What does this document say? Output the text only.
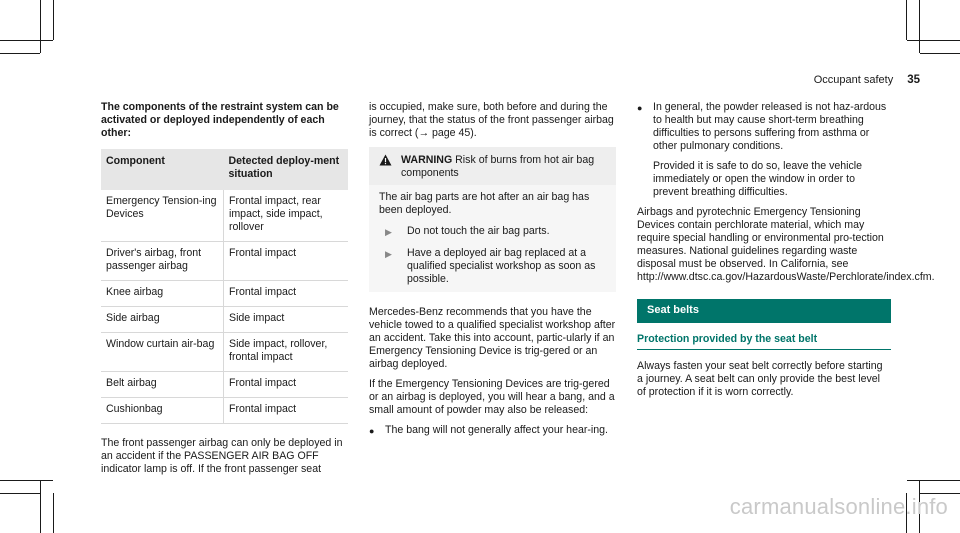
Occupant safety 35

The components of the restraint system can be activated or deployed independently of each other:

Component	Detected deploy-ment situation
Emergency Tension-ing Devices	Frontal impact, rear impact, side impact, rollover
Driver's airbag, front passenger airbag	Frontal impact
Knee airbag	Frontal impact
Side airbag	Side impact
Window curtain air-bag	Side impact, rollover, frontal impact
Belt airbag	Frontal impact
Cushionbag	Frontal impact

The front passenger airbag can only be deployed in an accident if the PASSENGER AIR BAG OFF indicator lamp is off. If the front passenger seat

is occupied, make sure, both before and during the journey, that the status of the front passenger airbag is correct (→ page 45).

WARNING Risk of burns from hot air bag components

The air bag parts are hot after an air bag has been deployed.

▶	Do not touch the air bag parts.
▶	Have a deployed air bag replaced at a qualified specialist workshop as soon as possible.

Mercedes-Benz recommends that you have the vehicle towed to a qualified specialist workshop after an accident. Take this into account, partic-ularly if an Emergency Tensioning Device is trig-gered or an airbag deployed.

If the Emergency Tensioning Devices are trig-gered or an airbag is deployed, you will hear a bang, and a small amount of powder may also be released:

● The bang will not generally affect your hear-ing.
● In general, the powder released is not haz-ardous to health but may cause short-term breathing difficulties to persons suffering from asthma or other pulmonary conditions.

Provided it is safe to do so, leave the vehicle immediately or open the window in order to prevent breathing difficulties.

Airbags and pyrotechnic Emergency Tensioning Devices contain perchlorate material, which may require special handling or environmental pro-tection measures. National guidelines regarding waste disposal must be observed. In California, see http://www.dtsc.ca.gov/HazardousWaste/Perchlorate/index.cfm.

Seat belts
Protection provided by the seat belt

Always fasten your seat belt correctly before starting a journey. A seat belt can only provide the best level of protection if it is worn correctly.

carmanualsonline.info
